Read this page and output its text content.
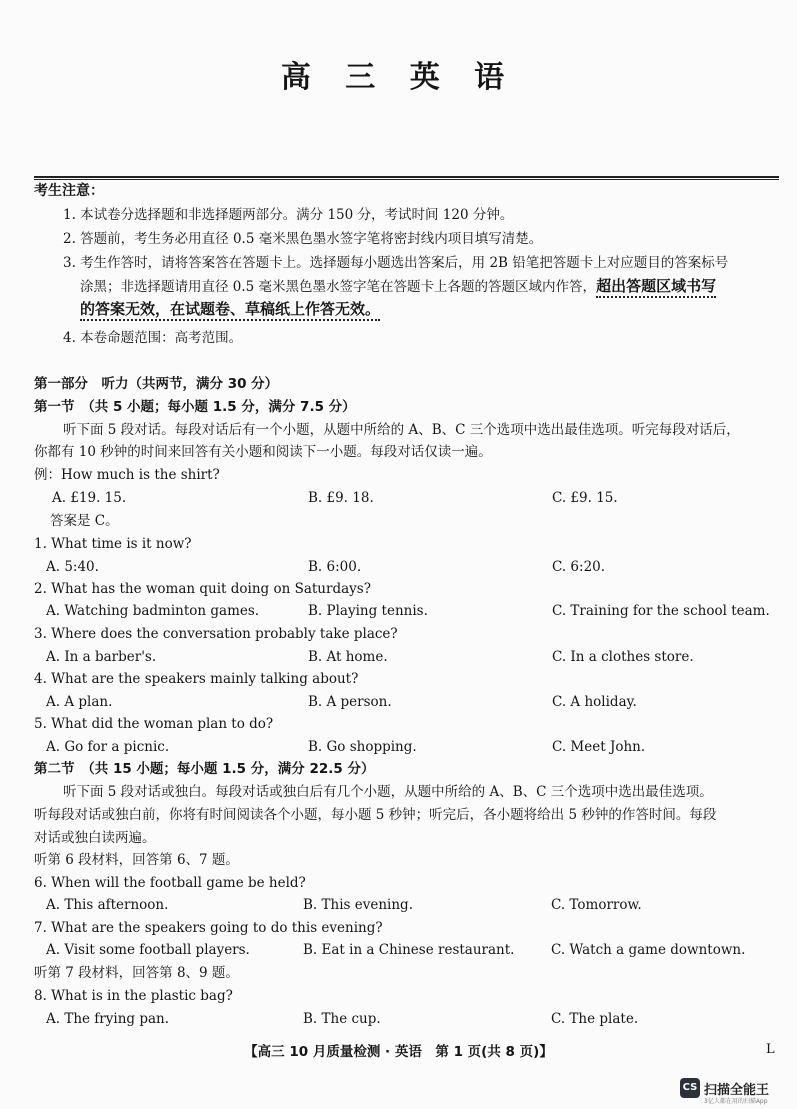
高 三 英 语
考生注意：
1. 本试卷分选择题和非选择题两部分。满分 150 分，考试时间 120 分钟。
2. 答题前，考生务必用直径 0.5 毫米黑色墨水签字笔将密封线内项目填写清楚。
3. 考生作答时，请将答案答在答题卡上。选择题每小题选出答案后，用 2B 铅笔把答题卡上对应题目的答案标号
涂黑；非选择题请用直径 0.5 毫米黑色墨水签字笔在答题卡上各题的答题区域内作答，超出答题区域书写
的答案无效，在试题卷、草稿纸上作答无效。
4. 本卷命题范围：高考范围。
第一部分　听力（共两节，满分 30 分）
第一节　（共 5 小题；每小题 1.5 分，满分 7.5 分）
听下面 5 段对话。每段对话后有一个小题，从题中所给的 A、B、C 三个选项中选出最佳选项。听完每段对话后，
你都有 10 秒钟的时间来回答有关小题和阅读下一小题。每段对话仅读一遍。
例：How much is the shirt?
A. £19. 15.	B. £9. 18.	C. £9. 15.
答案是 C。
1. What time is it now?
A. 5:40.	B. 6:00.	C. 6:20.
2. What has the woman quit doing on Saturdays?
A. Watching badminton games.	B. Playing tennis.	C. Training for the school team.
3. Where does the conversation probably take place?
A. In a barber's.	B. At home.	C. In a clothes store.
4. What are the speakers mainly talking about?
A. A plan.	B. A person.	C. A holiday.
5. What did the woman plan to do?
A. Go for a picnic.	B. Go shopping.	C. Meet John.
第二节　（共 15 小题；每小题 1.5 分，满分 22.5 分）
听下面 5 段对话或独白。每段对话或独白后有几个小题，从题中所给的 A、B、C 三个选项中选出最佳选项。
听每段对话或独白前，你将有时间阅读各个小题，每小题 5 秒钟；听完后，各小题将给出 5 秒钟的作答时间。每段
对话或独白读两遍。
听第 6 段材料，回答第 6、7 题。
6. When will the football game be held?
A. This afternoon.	B. This evening.	C. Tomorrow.
7. What are the speakers going to do this evening?
A. Visit some football players.	B. Eat in a Chinese restaurant.	C. Watch a game downtown.
听第 7 段材料，回答第 8、9 题。
8. What is in the plastic bag?
A. The frying pan.	B. The cup.	C. The plate.
【高三 10 月质量检测 · 英语　第 1 页(共 8 页)】	L
CS 扫描全能王
3亿人都在用的扫描App
